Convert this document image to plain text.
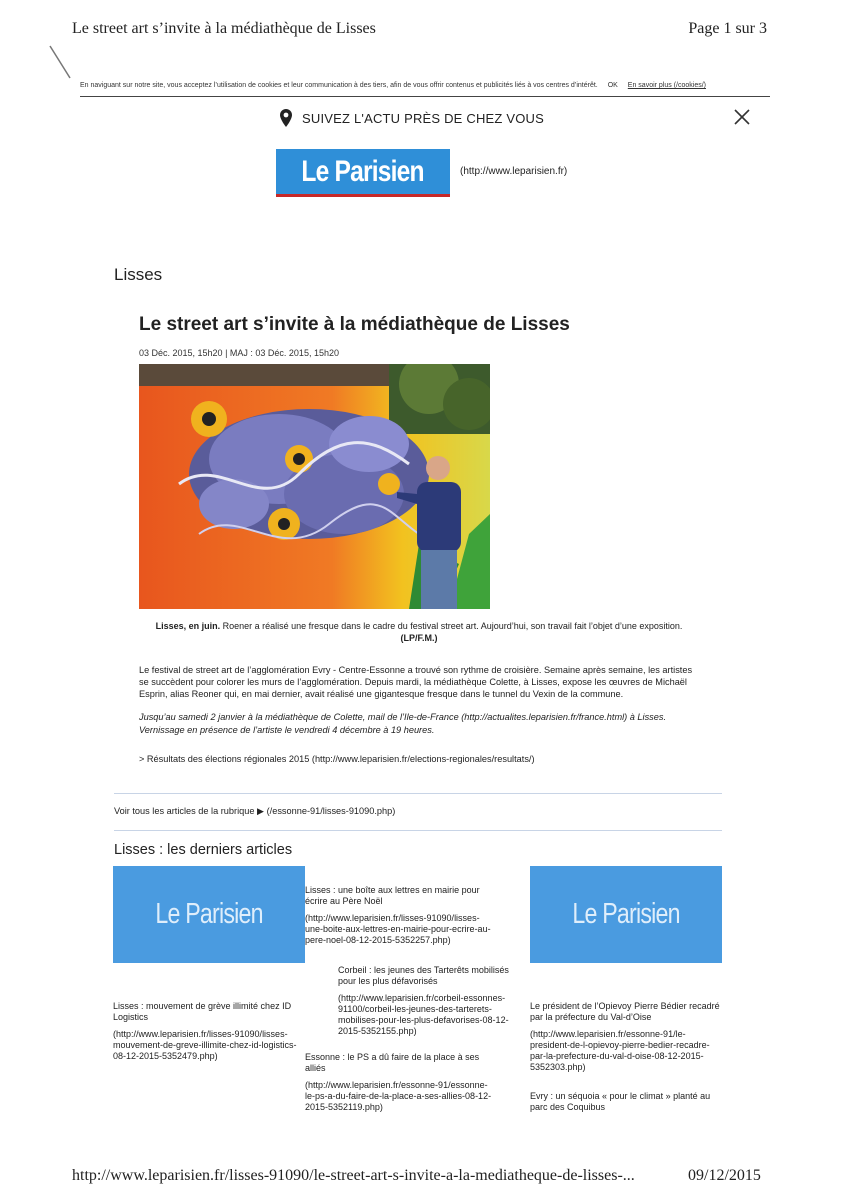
Le street art s’invite à la médiathèque de Lisses	Page 1 sur 3
En naviguant sur notre site, vous acceptez l’utilisation de cookies et leur communication à des tiers, afin de vous offrir contenus et publicités liés à vos centres d’intérêt. OK En savoir plus (/cookies/)
SUIVEZ L'ACTU PRÈS DE CHEZ VOUS
Le Parisien	(http://www.leparisien.fr)
Lisses
Le street art s’invite à la médiathèque de Lisses
03 Déc. 2015, 15h20 | MAJ : 03 Déc. 2015, 15h20
Lisses, en juin. Roener a réalisé une fresque dans le cadre du festival street art. Aujourd’hui, son travail fait l’objet d’une exposition.
(LP/F.M.)
Le festival de street art de l’agglomération Evry - Centre-Essonne a trouvé son rythme de croisière. Semaine après semaine, les artistes se succèdent pour colorer les murs de l’agglomération. Depuis mardi, la médiathèque Colette, à Lisses, expose les œuvres de Michaël Esprin, alias Reoner qui, en mai dernier, avait réalisé une gigantesque fresque dans le tunnel du Vexin de la commune.
Jusqu’au samedi 2 janvier à la médiathèque de Colette, mail de l’Ile-de-France (http://actualites.leparisien.fr/france.html) à Lisses. Vernissage en présence de l’artiste le vendredi 4 décembre à 19 heures.
> Résultats des élections régionales 2015 (http://www.leparisien.fr/elections-regionales/resultats/)
Voir tous les articles de la rubrique ▶ (/essonne-91/lisses-91090.php)
Lisses : les derniers articles
Le Parisien	Le Parisien
Lisses : mouvement de grève illimité chez ID Logistics
(http://www.leparisien.fr/lisses-91090/lisses-mouvement-de-greve-illimite-chez-id-logistics-08-12-2015-5352479.php)
Lisses : une boîte aux lettres en mairie pour écrire au Père Noël
(http://www.leparisien.fr/lisses-91090/lisses-une-boite-aux-lettres-en-mairie-pour-ecrire-au-pere-noel-08-12-2015-5352257.php)
Corbeil : les jeunes des Tarterêts mobilisés pour les plus défavorisés
(http://www.leparisien.fr/corbeil-essonnes-91100/corbeil-les-jeunes-des-tarterets-mobilises-pour-les-plus-defavorises-08-12-2015-5352155.php)
Essonne : le PS a dû faire de la place à ses alliés
(http://www.leparisien.fr/essonne-91/essonne-le-ps-a-du-faire-de-la-place-a-ses-allies-08-12-2015-5352119.php)
Le président de l’Opievoy Pierre Bédier recadré par la préfecture du Val-d’Oise
(http://www.leparisien.fr/essonne-91/le-president-de-l-opievoy-pierre-bedier-recadre-par-la-prefecture-du-val-d-oise-08-12-2015-5352303.php)
Evry : un séquoia « pour le climat » planté au parc des Coquibus
http://www.leparisien.fr/lisses-91090/le-street-art-s-invite-a-la-mediatheque-de-lisses-...	09/12/2015
